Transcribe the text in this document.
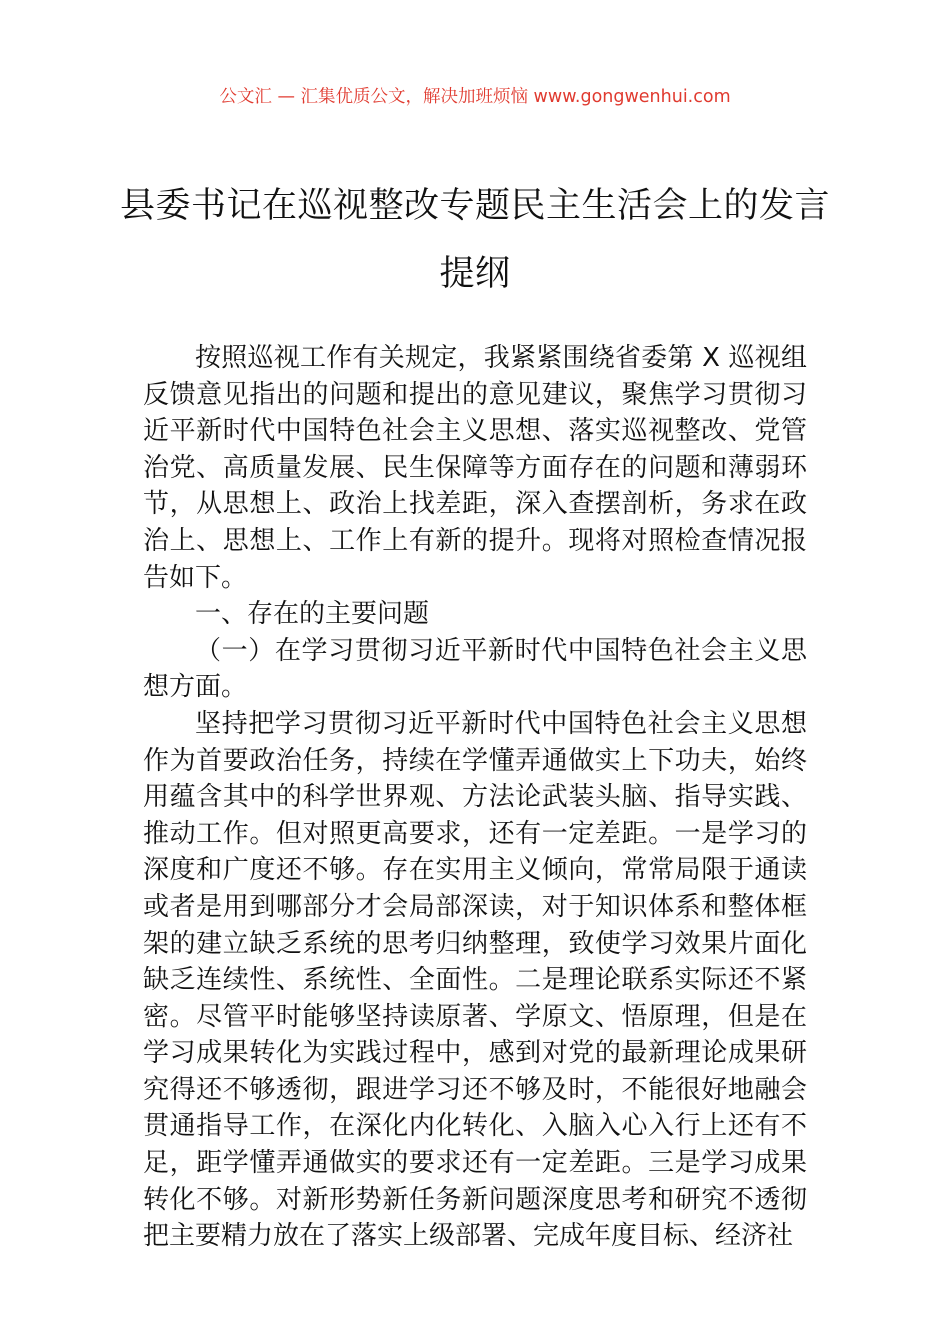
公文汇 — 汇集优质公文，解决加班烦恼 www.gongwenhui.com
县委书记在巡视整改专题民主生活会上的发言提纲

按照巡视工作有关规定，我紧紧围绕省委第 X 巡视组反馈意见指出的问题和提出的意见建议，聚焦学习贯彻习近平新时代中国特色社会主义思想、落实巡视整改、党管治党、高质量发展、民生保障等方面存在的问题和薄弱环节，从思想上、政治上找差距，深入查摆剖析，务求在政治上、思想上、工作上有新的提升。现将对照检查情况报告如下。

一、存在的主要问题

（一）在学习贯彻习近平新时代中国特色社会主义思想方面。

坚持把学习贯彻习近平新时代中国特色社会主义思想作为首要政治任务，持续在学懂弄通做实上下功夫，始终用蕴含其中的科学世界观、方法论武装头脑、指导实践、推动工作。但对照更高要求，还有一定差距。一是学习的深度和广度还不够。存在实用主义倾向，常常局限于通读或者是用到哪部分才会局部深读，对于知识体系和整体框架的建立缺乏系统的思考归纳整理，致使学习效果片面化缺乏连续性、系统性、全面性。二是理论联系实际还不紧密。尽管平时能够坚持读原著、学原文、悟原理，但是在学习成果转化为实践过程中，感到对党的最新理论成果研究得还不够透彻，跟进学习还不够及时，不能很好地融会贯通指导工作，在深化内化转化、入脑入心入行上还有不足，距学懂弄通做实的要求还有一定差距。三是学习成果转化不够。对新形势新任务新问题深度思考和研究不透彻把主要精力放在了落实上级部署、完成年度目标、经济社
